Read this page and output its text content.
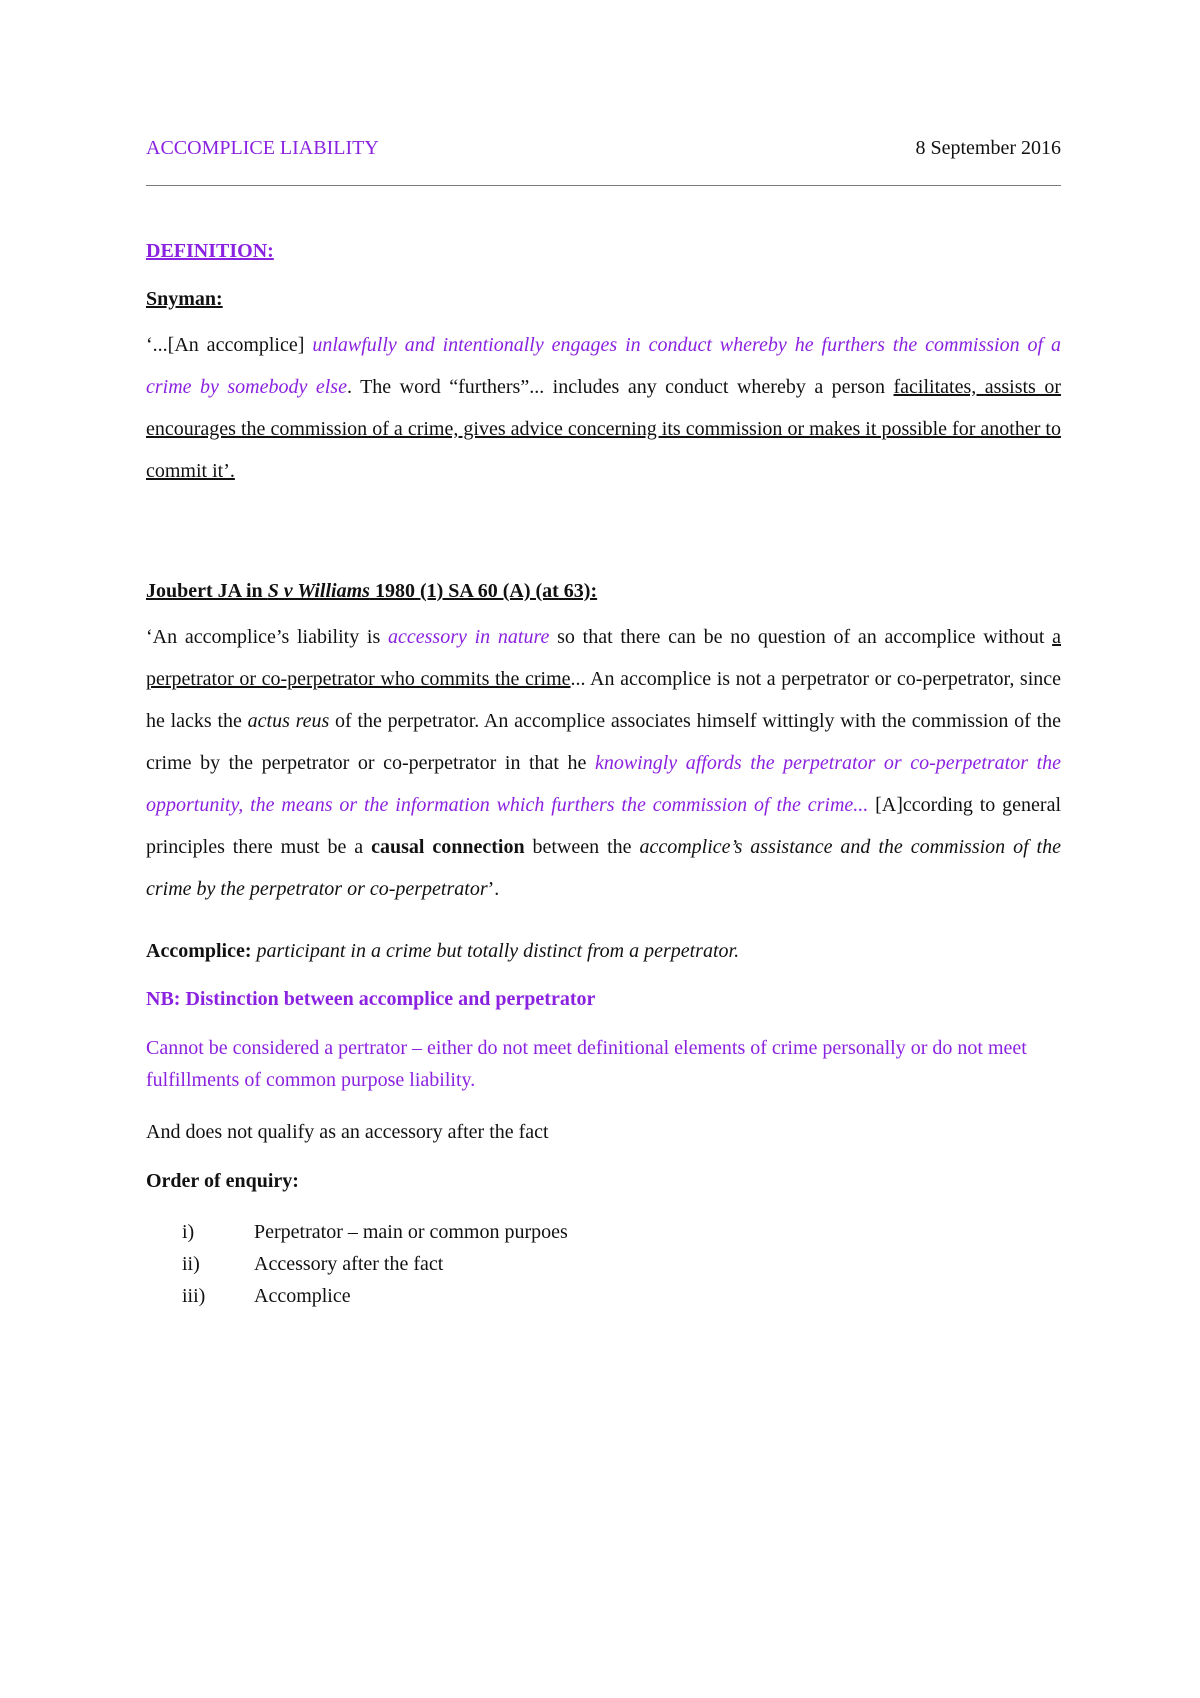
ACCOMPLICE LIABILITY	8 September 2016
DEFINITION:
Snyman:

‘...[An accomplice] unlawfully and intentionally engages in conduct whereby he furthers the commission of a crime by somebody else. The word “furthers”... includes any conduct whereby a person facilitates, assists or encourages the commission of a crime, gives advice concerning its commission or makes it possible for another to commit it’.

Joubert JA in S v Williams 1980 (1) SA 60 (A) (at 63):

‘An accomplice’s liability is accessory in nature so that there can be no question of an accomplice without a perpetrator or co-perpetrator who commits the crime... An accomplice is not a perpetrator or co-perpetrator, since he lacks the actus reus of the perpetrator. An accomplice associates himself wittingly with the commission of the crime by the perpetrator or co-perpetrator in that he knowingly affords the perpetrator or co-perpetrator the opportunity, the means or the information which furthers the commission of the crime... [A]ccording to general principles there must be a causal connection between the accomplice’s assistance and the commission of the crime by the perpetrator or co-perpetrator’.

Accomplice: participant in a crime but totally distinct from a perpetrator.

NB: Distinction between accomplice and perpetrator

Cannot be considered a pertrator – either do not meet definitional elements of crime personally or do not meet fulfillments of common purpose liability.

And does not qualify as an accessory after the fact

Order of enquiry:
i)	Perpetrator – main or common purpoes
ii)	Accessory after the fact
iii)	Accomplice
